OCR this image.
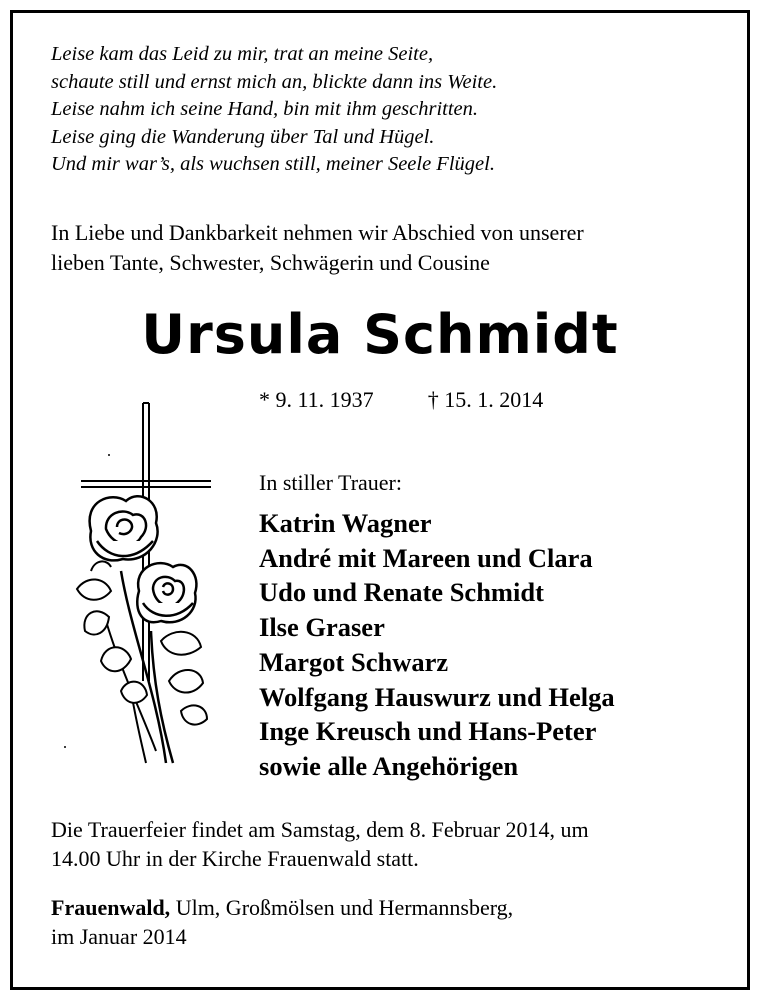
Leise kam das Leid zu mir, trat an meine Seite,
schaute still und ernst mich an, blickte dann ins Weite.
Leise nahm ich seine Hand, bin mit ihm geschritten.
Leise ging die Wanderung über Tal und Hügel.
Und mir war’s, als wuchsen still, meiner Seele Flügel.
In Liebe und Dankbarkeit nehmen wir Abschied von unserer
lieben Tante, Schwester, Schwägerin und Cousine
Ursula Schmidt
* 9. 11. 1937 † 15. 1. 2014
In stiller Trauer:
Katrin Wagner
André mit Mareen und Clara
Udo und Renate Schmidt
Ilse Graser
Margot Schwarz
Wolfgang Hauswurz und Helga
Inge Kreusch und Hans-Peter
sowie alle Angehörigen
Die Trauerfeier findet am Samstag, dem 8. Februar 2014, um
14.00 Uhr in der Kirche Frauenwald statt.
Frauenwald, Ulm, Großmölsen und Hermannsberg,
im Januar 2014
